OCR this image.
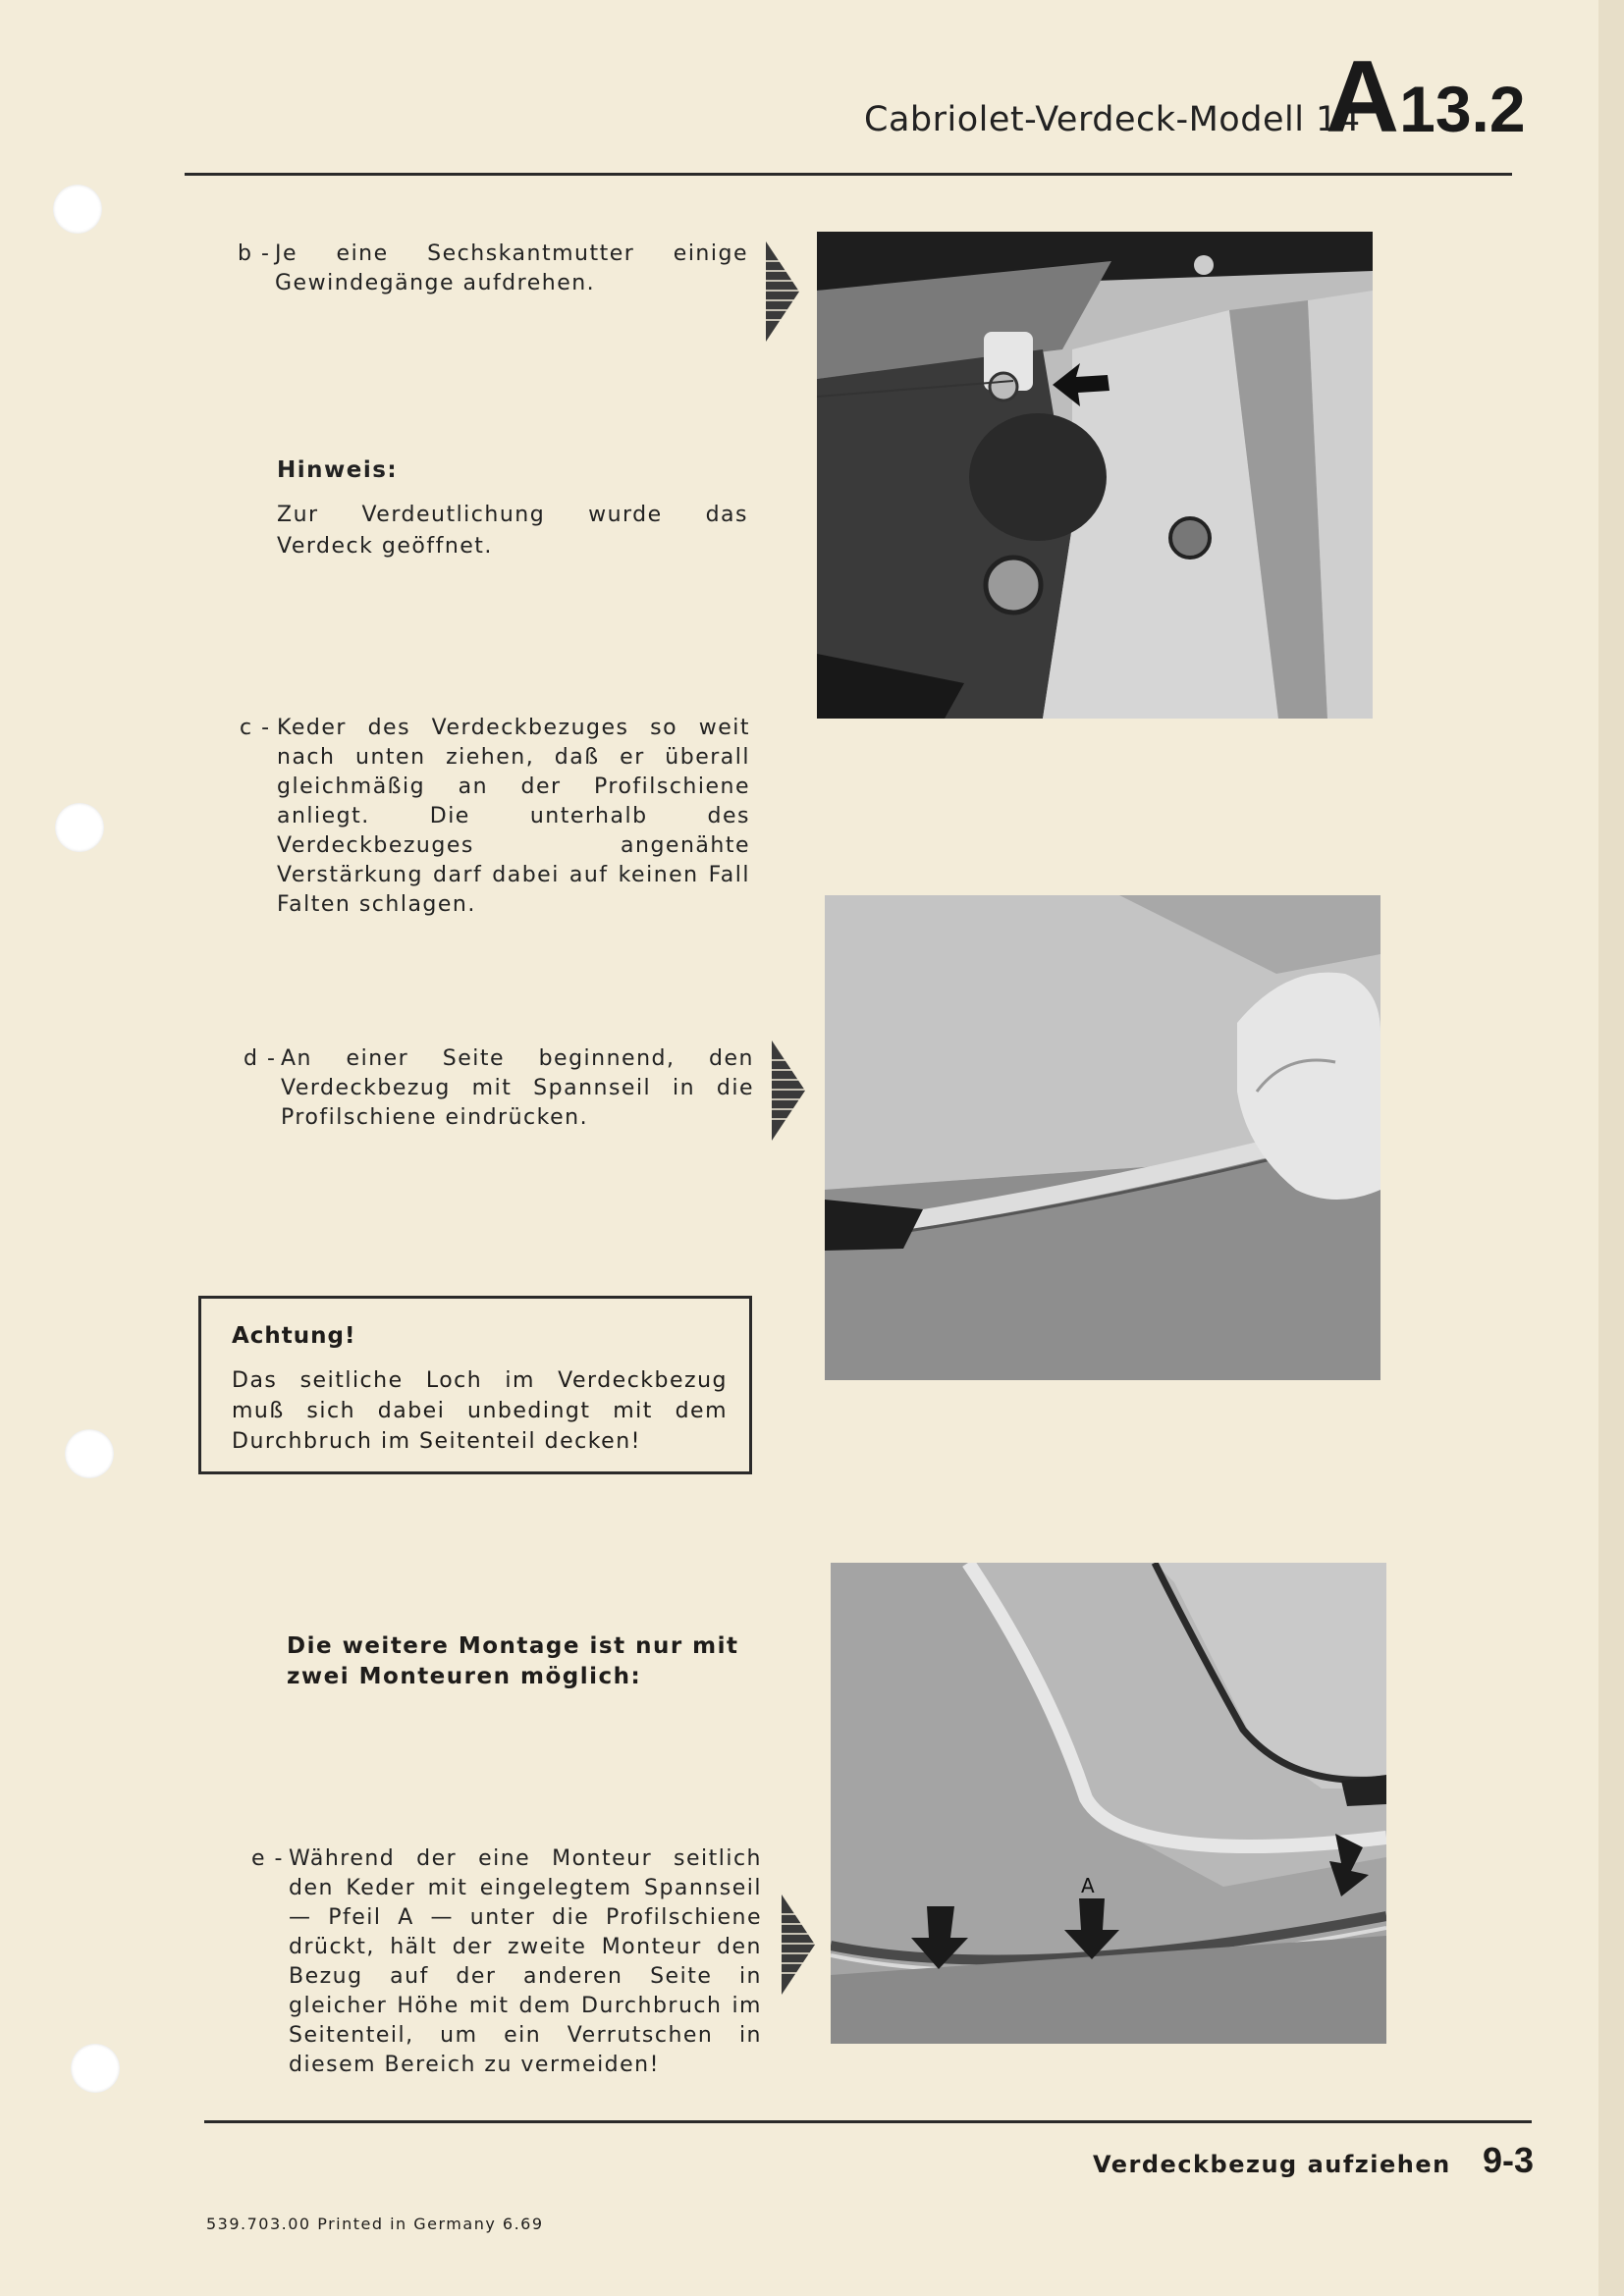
Cabriolet-Verdeck-Modell 14
A13.2
b - Je eine Sechskantmutter einige Gewindegänge aufdrehen.
Hinweis:
Zur Verdeutlichung wurde das Verdeck geöffnet.
c - Keder des Verdeckbezuges so weit nach unten ziehen, daß er überall gleichmäßig an der Profilschiene anliegt. Die unterhalb des Verdeckbezuges angenähte Verstärkung darf dabei auf keinen Fall Falten schlagen.
d - An einer Seite beginnend, den Verdeckbezug mit Spannseil in die Profilschiene eindrücken.
Achtung!
Das seitliche Loch im Verdeckbezug muß sich dabei unbedingt mit dem Durchbruch im Seitenteil decken!
Die weitere Montage ist nur mit zwei Monteuren möglich:
A
e - Während der eine Monteur seitlich den Keder mit eingelegtem Spannseil — Pfeil A — unter die Profilschiene drückt, hält der zweite Monteur den Bezug auf der anderen Seite in gleicher Höhe mit dem Durchbruch im Seitenteil, um ein Verrutschen in diesem Bereich zu vermeiden!
Verdeckbezug aufziehen 9-3
539.703.00 Printed in Germany 6.69
